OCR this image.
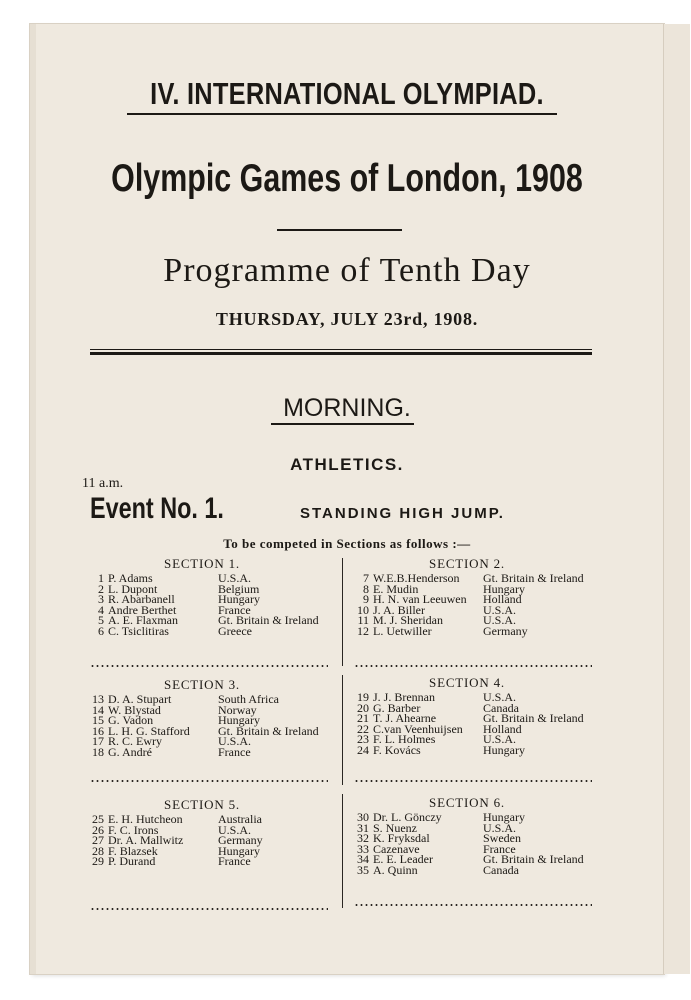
IV. INTERNATIONAL OLYMPIAD.
Olympic Games of London, 1908
Programme of Tenth Day
THURSDAY, JULY 23rd, 1908.
MORNING.
ATHLETICS.
11 a.m.
Event No. 1.	STANDING HIGH JUMP.
To be competed in Sections as follows :—
SECTION 1.
1 P. Adams	U.S.A.
2 L. Dupont	Belgium
3 R. Abarbanell	Hungary
4 Andre Berthet	France
5 A. E. Flaxman	Gt. Britain & Ireland
6 C. Tsiclitiras	Greece
SECTION 2.
7 W.E.B.Henderson	Gt. Britain & Ireland
8 E. Mudin	Hungary
9 H. N. van Leeuwen	Holland
10 J. A. Biller	U.S.A.
11 M. J. Sheridan	U.S.A.
12 L. Uetwiller	Germany
SECTION 3.
13 D. A. Stupart	South Africa
14 W. Blystad	Norway
15 G. Vadon	Hungary
16 L. H. G. Stafford	Gt. Britain & Ireland
17 R. C. Ewry	U.S.A.
18 G. André	France
SECTION 4.
19 J. J. Brennan	U.S.A.
20 G. Barber	Canada
21 T. J. Ahearne	Gt. Britain & Ireland
22 C.van Veenhuijsen	Holland
23 F. L. Holmes	U.S.A.
24 F. Kovács	Hungary
SECTION 5.
25 E. H. Hutcheon	Australia
26 F. C. Irons	U.S.A.
27 Dr. A. Mallwitz	Germany
28 F. Blazsek	Hungary
29 P. Durand	France
SECTION 6.
30 Dr. L. Gönczy	Hungary
31 S. Nuenz	U.S.A.
32 K. Fryksdal	Sweden
33 Cazenave	France
34 E. E. Leader	Gt. Britain & Ireland
35 A. Quinn	Canada
